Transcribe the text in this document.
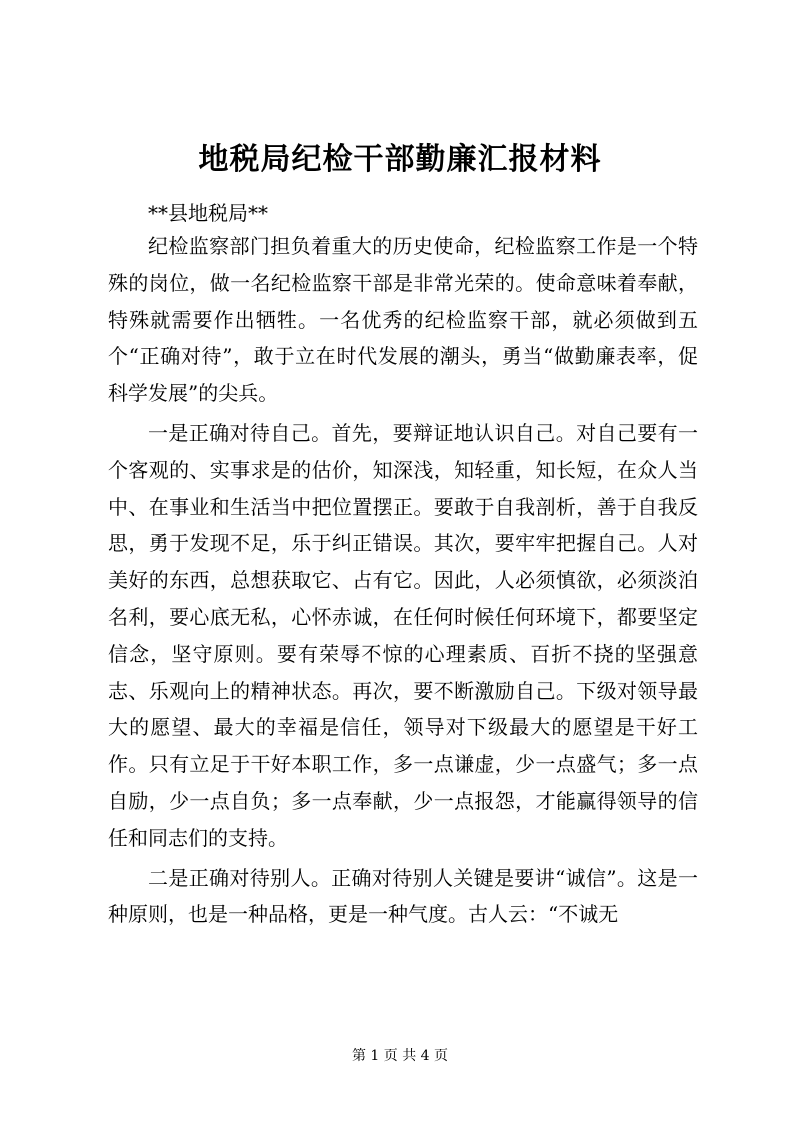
地税局纪检干部勤廉汇报材料
**县地税局**

纪检监察部门担负着重大的历史使命，纪检监察工作是一个特殊的岗位，做一名纪检监察干部是非常光荣的。使命意味着奉献，特殊就需要作出牺牲。一名优秀的纪检监察干部，就必须做到五个“正确对待”，敢于立在时代发展的潮头，勇当“做勤廉表率，促科学发展”的尖兵。

一是正确对待自己。首先，要辩证地认识自己。对自己要有一个客观的、实事求是的估价，知深浅，知轻重，知长短，在众人当中、在事业和生活当中把位置摆正。要敢于自我剖析，善于自我反思，勇于发现不足，乐于纠正错误。其次，要牢牢把握自己。人对美好的东西，总想获取它、占有它。因此，人必须慎欲，必须淡泊名利，要心底无私，心怀赤诚，在任何时候任何环境下，都要坚定信念，坚守原则。要有荣辱不惊的心理素质、百折不挠的坚强意志、乐观向上的精神状态。再次，要不断激励自己。下级对领导最大的愿望、最大的幸福是信任，领导对下级最大的愿望是干好工作。只有立足于干好本职工作，多一点谦虚，少一点盛气；多一点自励，少一点自负；多一点奉献，少一点报怨，才能赢得领导的信任和同志们的支持。

二是正确对待别人。正确对待别人关键是要讲“诚信”。这是一种原则，也是一种品格，更是一种气度。古人云：“不诚无

第 1 页 共 4 页
